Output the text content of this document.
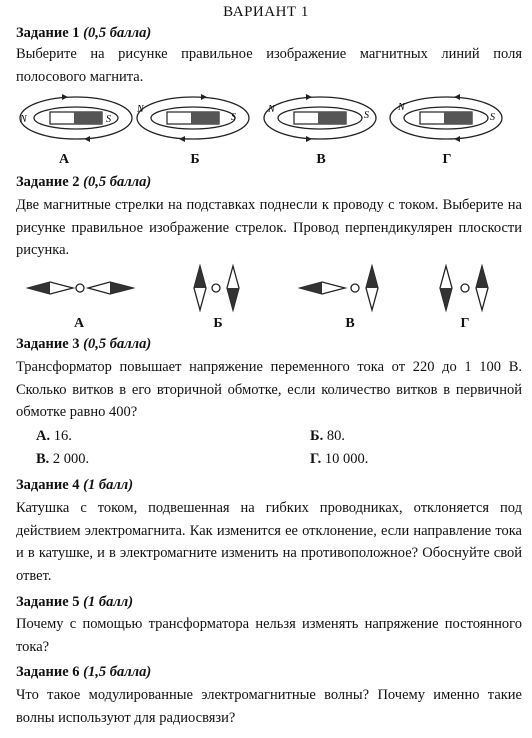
ВАРИАНТ 1
Задание 1 (0,5 балла)
Выберите на рисунке правильное изображение магнитных линий поля полосового магнита.
N	S
N
S
N
S
N
S
А	Б	В	Г
Задание 2 (0,5 балла)
Две магнитные стрелки на подставках поднесли к проводу с током. Выберите на рисунке правильное изображение стрелок. Провод перпендикулярен плоскости рисунка.
А	Б	В	Г
Задание 3 (0,5 балла)
Трансформатор повышает напряжение переменного тока от 220 до 1 100 В. Сколько витков в его вторичной обмотке, если количество витков в первичной обмотке равно 400?
А. 16.	Б. 80.
В. 2 000.	Г. 10 000.
Задание 4 (1 балл)
Катушка с током, подвешенная на гибких проводниках, отклоняется под действием электромагнита. Как изменится ее отклонение, если направление тока и в катушке, и в электромагните изменить на противоположное? Обоснуйте свой ответ.
Задание 5 (1 балл)
Почему с помощью трансформатора нельзя изменять напряжение постоянного тока?
Задание 6 (1,5 балла)
Что такое модулированные электромагнитные волны? Почему именно такие волны используют для радиосвязи?
